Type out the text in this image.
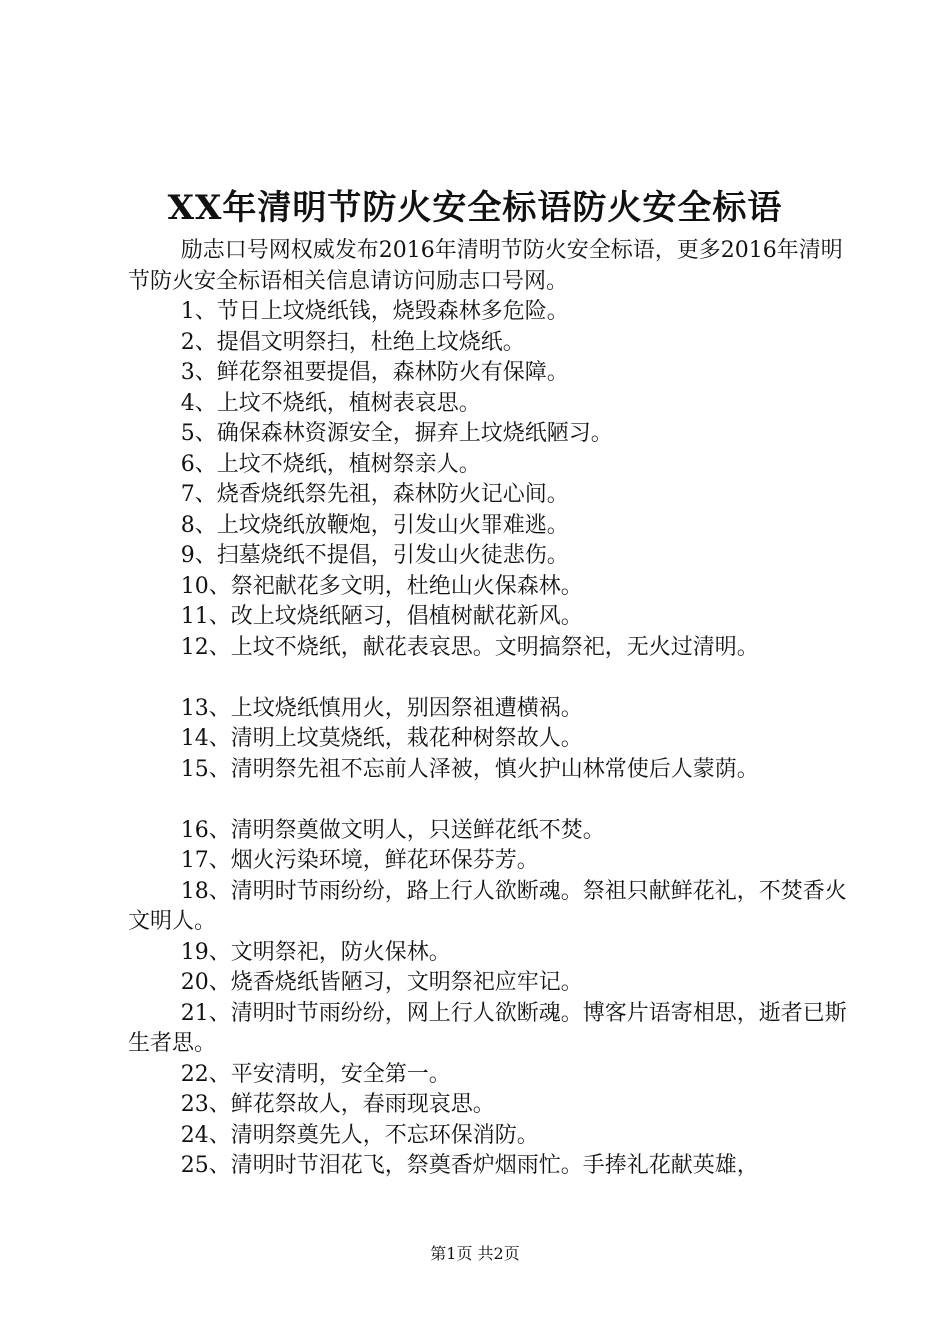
XX年清明节防火安全标语防火安全标语

励志口号网权威发布2016年清明节防火安全标语，更多2016年清明节防火安全标语相关信息请访问励志口号网。

1、节日上坟烧纸钱，烧毁森林多危险。

2、提倡文明祭扫，杜绝上坟烧纸。

3、鲜花祭祖要提倡，森林防火有保障。

4、上坟不烧纸，植树表哀思。

5、确保森林资源安全，摒弃上坟烧纸陋习。

6、上坟不烧纸，植树祭亲人。

7、烧香烧纸祭先祖，森林防火记心间。

8、上坟烧纸放鞭炮，引发山火罪难逃。

9、扫墓烧纸不提倡，引发山火徒悲伤。

10、祭祀献花多文明，杜绝山火保森林。

11、改上坟烧纸陋习，倡植树献花新风。

12、上坟不烧纸，献花表哀思。文明搞祭祀，无火过清明。

13、上坟烧纸慎用火，别因祭祖遭横祸。

14、清明上坟莫烧纸，栽花种树祭故人。

15、清明祭先祖不忘前人泽被，慎火护山林常使后人蒙荫。

16、清明祭奠做文明人，只送鲜花纸不焚。

17、烟火污染环境，鲜花环保芬芳。

18、清明时节雨纷纷，路上行人欲断魂。祭祖只献鲜花礼，不焚香火文明人。

19、文明祭祀，防火保林。

20、烧香烧纸皆陋习，文明祭祀应牢记。

21、清明时节雨纷纷，网上行人欲断魂。博客片语寄相思，逝者已斯生者思。

22、平安清明，安全第一。

23、鲜花祭故人，春雨现哀思。

24、清明祭奠先人，不忘环保消防。

25、清明时节泪花飞，祭奠香炉烟雨忙。手捧礼花献英雄，

第1页 共2页
